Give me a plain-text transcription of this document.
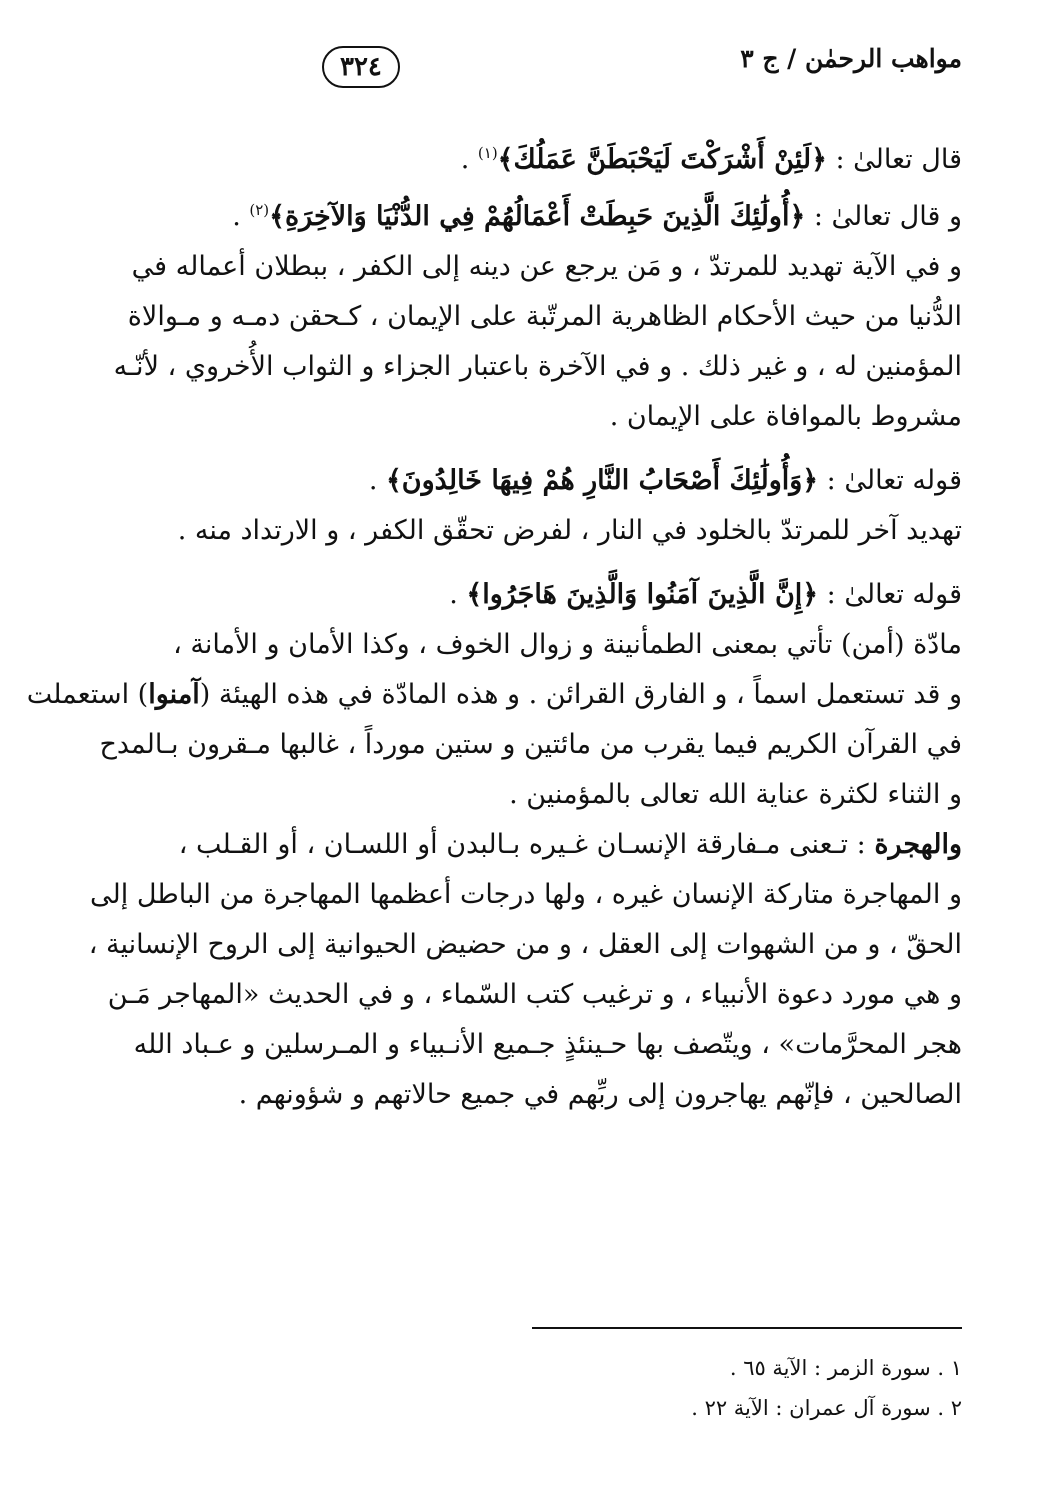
٣٢٤	مواهب الرحمٰن / ج ٣
قال تعالىٰ : ﴿لَئِنْ أَشْرَكْتَ لَيَحْبَطَنَّ عَمَلُكَ﴾$^{(١)}$ .
و قال تعالىٰ : ﴿أُولَٰئِكَ الَّذِينَ حَبِطَتْ أَعْمَالُهُمْ فِي الدُّنْيَا وَالآخِرَةِ﴾$^{(٢)}$ .
و في الآية تهديد للمرتدّ ، و مَن يرجع عن دينه إلى الكفر ، ببطلان أعماله في
الدُّنيا من حيث الأحكام الظاهرية المرتّبة على الإيمان ، كـحقن دمـه و مـوالاة
المؤمنين له ، و غير ذلك . و في الآخرة باعتبار الجزاء و الثواب الأُخروي ، لأنّـه
مشروط بالموافاة على الإيمان .
قوله تعالىٰ : ﴿وَأُولَٰئِكَ أَصْحَابُ النَّارِ هُمْ فِيهَا خَالِدُونَ﴾ .
تهديد آخر للمرتدّ بالخلود في النار ، لفرض تحقّق الكفر ، و الارتداد منه .
قوله تعالىٰ : ﴿إِنَّ الَّذِينَ آمَنُوا وَالَّذِينَ هَاجَرُوا﴾ .
مادّة (أمن) تأتي بمعنى الطمأنينة و زوال الخوف ، وكذا الأمان و الأمانة ،
و قد تستعمل اسماً ، و الفارق القرائن . و هذه المادّة في هذه الهيئة (آمنوا) استعملت
في القرآن الكريم فيما يقرب من مائتين و ستين مورداً ، غالبها مـقرون بـالمدح
و الثناء لكثرة عناية الله تعالى بالمؤمنين .
والهجرة : تـعنى مـفارقة الإنسـان غـيره بـالبدن أو اللسـان ، أو القـلب ،
و المهاجرة متاركة الإنسان غيره ، ولها درجات أعظمها المهاجرة من الباطل إلى
الحقّ ، و من الشهوات إلى العقل ، و من حضيض الحيوانية إلى الروح الإنسانية ،
و هي مورد دعوة الأنبياء ، و ترغيب كتب السّماء ، و في الحديث «المهاجر مَـن
هجر المحرَّمات» ، ويتّصف بها حـينئذٍ جـميع الأنـبياء و المـرسلين و عـباد الله
الصالحين ، فإنّهم يهاجرون إلى ربِّهم في جميع حالاتهم و شؤونهم .
١ . سورة الزمر : الآية ٦٥ .
٢ . سورة آل عمران : الآية ٢٢ .
